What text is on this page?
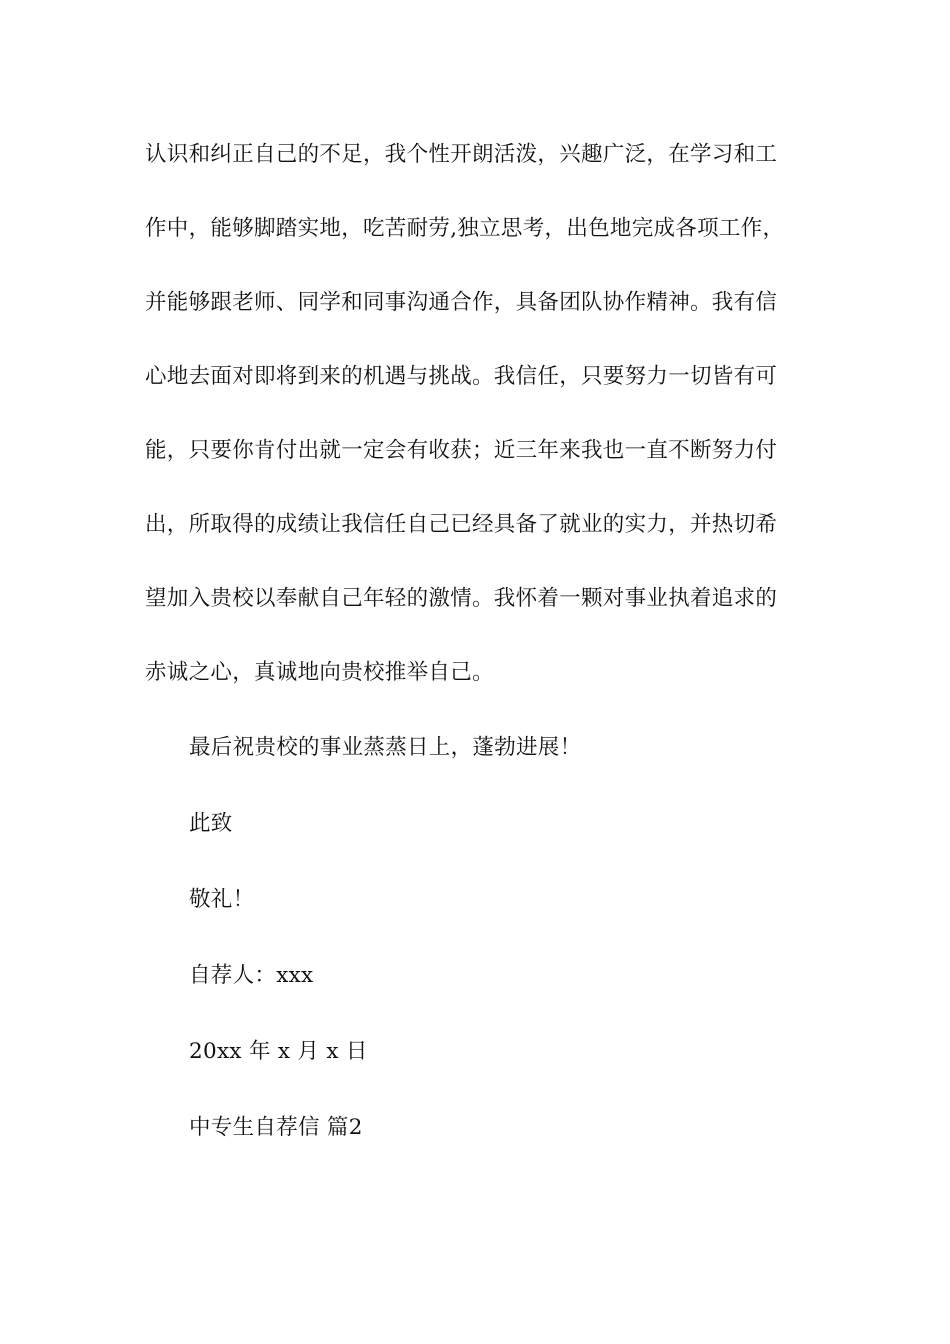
认识和纠正自己的不足，我个性开朗活泼，兴趣广泛，在学习和工
作中，能够脚踏实地，吃苦耐劳,独立思考，出色地完成各项工作，
并能够跟老师、同学和同事沟通合作，具备团队协作精神。我有信
心地去面对即将到来的机遇与挑战。我信任，只要努力一切皆有可
能，只要你肯付出就一定会有收获；近三年来我也一直不断努力付
出，所取得的成绩让我信任自己已经具备了就业的实力，并热切希
望加入贵校以奉献自己年轻的激情。我怀着一颗对事业执着追求的
赤诚之心，真诚地向贵校推举自己。
最后祝贵校的事业蒸蒸日上，蓬勃进展！
此致
敬礼！
自荐人：xxx
20xx 年 x 月 x 日
中专生自荐信 篇2
